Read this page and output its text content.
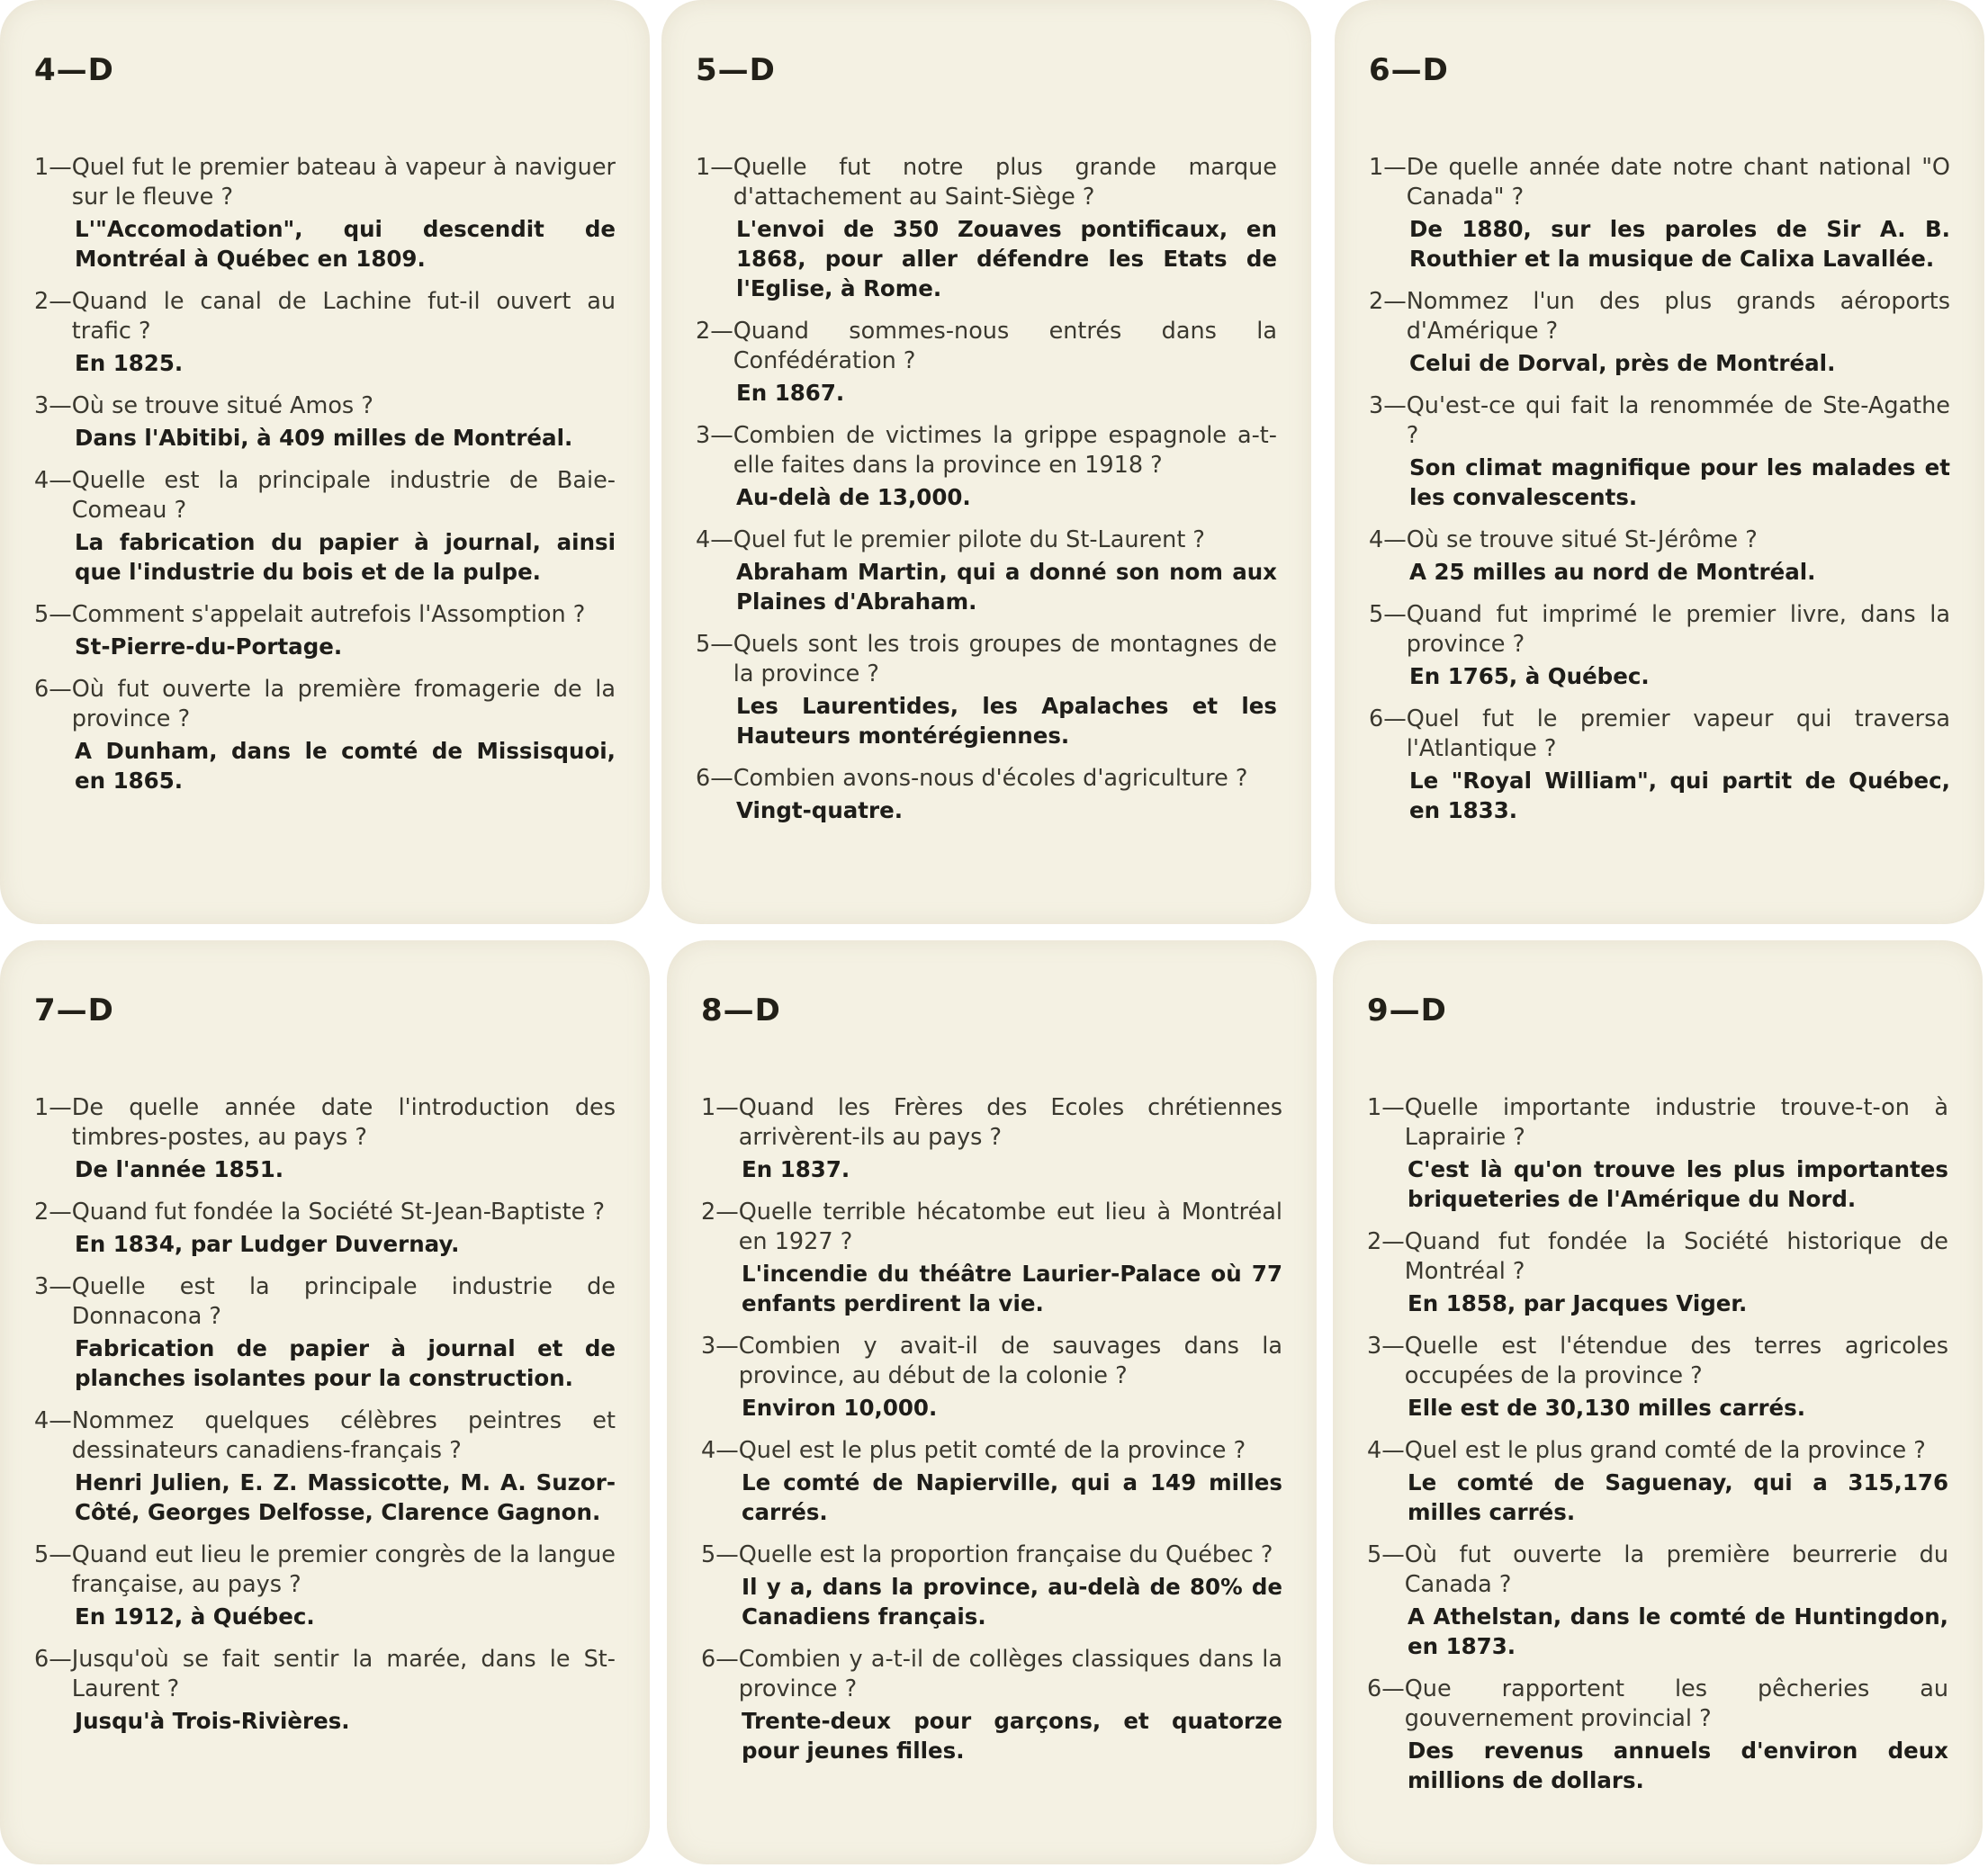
4—D
1— Quel fut le premier bateau à vapeur à naviguer sur le fleuve ?
L'"Accomodation", qui descendit de Montréal à Québec en 1809.
2— Quand le canal de Lachine fut-il ouvert au trafic ?
En 1825.
3— Où se trouve situé Amos ?
Dans l'Abitibi, à 409 milles de Montréal.
4— Quelle est la principale industrie de Baie-Comeau ?
La fabrication du papier à journal, ainsi que l'industrie du bois et de la pulpe.
5— Comment s'appelait autrefois l'Assomption ?
St-Pierre-du-Portage.
6— Où fut ouverte la première fromagerie de la province ?
A Dunham, dans le comté de Missisquoi, en 1865.
5—D
1— Quelle fut notre plus grande marque d'attachement au Saint-Siège ?
L'envoi de 350 Zouaves pontificaux, en 1868, pour aller défendre les Etats de l'Eglise, à Rome.
2— Quand sommes-nous entrés dans la Confédération ?
En 1867.
3— Combien de victimes la grippe espagnole a-t-elle faites dans la province en 1918 ?
Au-delà de 13,000.
4— Quel fut le premier pilote du St-Laurent ?
Abraham Martin, qui a donné son nom aux Plaines d'Abraham.
5— Quels sont les trois groupes de montagnes de la province ?
Les Laurentides, les Apalaches et les Hauteurs montérégiennes.
6— Combien avons-nous d'écoles d'agriculture ?
Vingt-quatre.
6—D
1— De quelle année date notre chant national "O Canada" ?
De 1880, sur les paroles de Sir A. B. Routhier et la musique de Calixa Lavallée.
2— Nommez l'un des plus grands aéroports d'Amérique ?
Celui de Dorval, près de Montréal.
3— Qu'est-ce qui fait la renommée de Ste-Agathe ?
Son climat magnifique pour les malades et les convalescents.
4— Où se trouve situé St-Jérôme ?
A 25 milles au nord de Montréal.
5— Quand fut imprimé le premier livre, dans la province ?
En 1765, à Québec.
6— Quel fut le premier vapeur qui traversa l'Atlantique ?
Le "Royal William", qui partit de Québec, en 1833.
7—D
1— De quelle année date l'introduction des timbres-postes, au pays ?
De l'année 1851.
2— Quand fut fondée la Société St-Jean-Baptiste ?
En 1834, par Ludger Duvernay.
3— Quelle est la principale industrie de Donnacona ?
Fabrication de papier à journal et de planches isolantes pour la construction.
4— Nommez quelques célèbres peintres et dessinateurs canadiens-français ?
Henri Julien, E. Z. Massicotte, M. A. Suzor-Côté, Georges Delfosse, Clarence Gagnon.
5— Quand eut lieu le premier congrès de la langue française, au pays ?
En 1912, à Québec.
6— Jusqu'où se fait sentir la marée, dans le St-Laurent ?
Jusqu'à Trois-Rivières.
8—D
1— Quand les Frères des Ecoles chrétiennes arrivèrent-ils au pays ?
En 1837.
2— Quelle terrible hécatombe eut lieu à Montréal en 1927 ?
L'incendie du théâtre Laurier-Palace où 77 enfants perdirent la vie.
3— Combien y avait-il de sauvages dans la province, au début de la colonie ?
Environ 10,000.
4— Quel est le plus petit comté de la province ?
Le comté de Napierville, qui a 149 milles carrés.
5— Quelle est la proportion française du Québec ?
Il y a, dans la province, au-delà de 80% de Canadiens français.
6— Combien y a-t-il de collèges classiques dans la province ?
Trente-deux pour garçons, et quatorze pour jeunes filles.
9—D
1— Quelle importante industrie trouve-t-on à Laprairie ?
C'est là qu'on trouve les plus importantes briqueteries de l'Amérique du Nord.
2— Quand fut fondée la Société historique de Montréal ?
En 1858, par Jacques Viger.
3— Quelle est l'étendue des terres agricoles occupées de la province ?
Elle est de 30,130 milles carrés.
4— Quel est le plus grand comté de la province ?
Le comté de Saguenay, qui a 315,176 milles carrés.
5— Où fut ouverte la première beurrerie du Canada ?
A Athelstan, dans le comté de Huntingdon, en 1873.
6— Que rapportent les pêcheries au gouvernement provincial ?
Des revenus annuels d'environ deux millions de dollars.
